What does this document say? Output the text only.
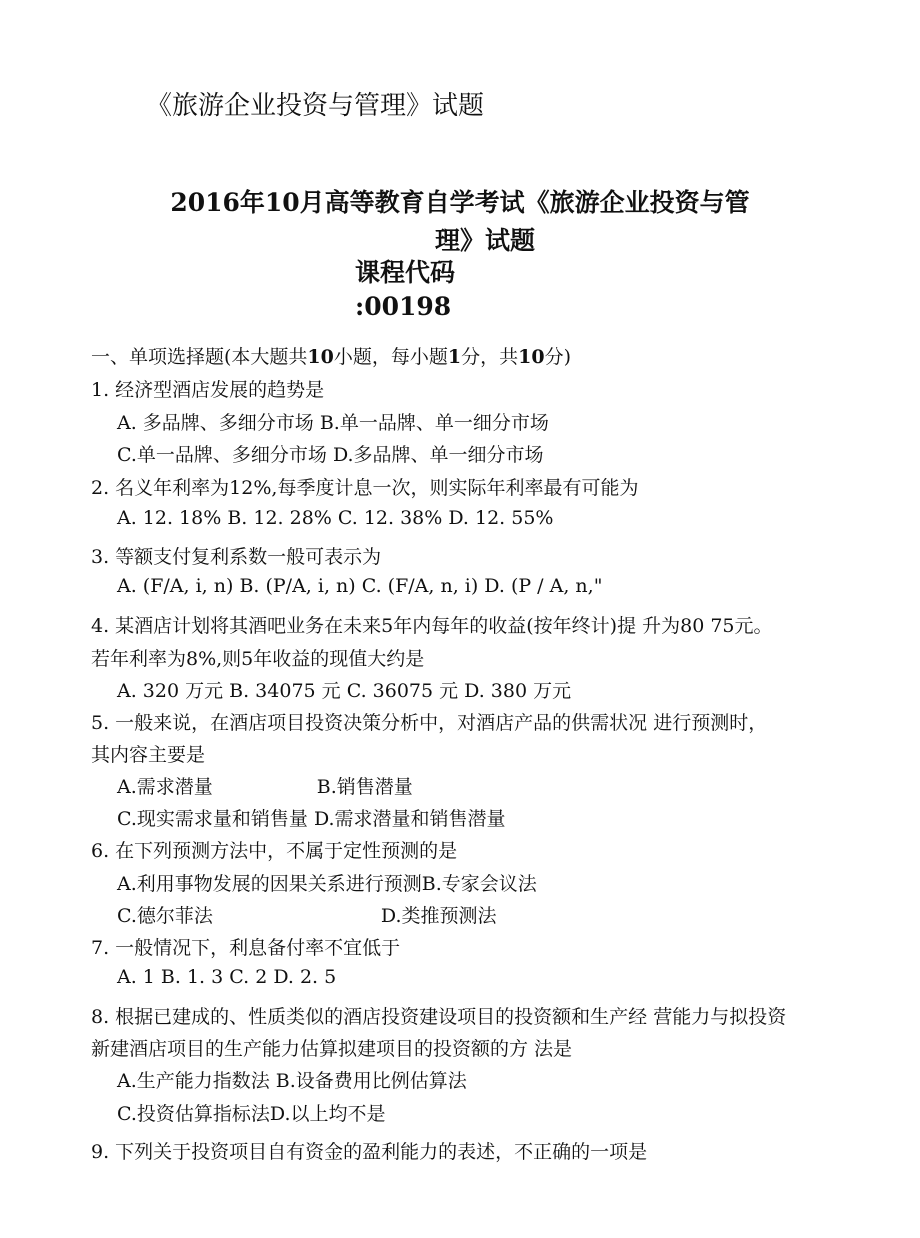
《旅游企业投资与管理》试题
2016年10月高等教育自学考试《旅游企业投资与管
理》试题
课程代码
:00198
一、单项选择题(本大题共10小题，每小题1分，共10分)
1. 经济型酒店发展的趋势是
A. 多品牌、多细分市场 B.单一品牌、单一细分市场
C.单一品牌、多细分市场 D.多品牌、单一细分市场
2. 名义年利率为12%,每季度计息一次，则实际年利率最有可能为
A. 12. 18% B. 12. 28% C. 12. 38% D. 12. 55%
3. 等额支付复利系数一般可表示为
A. (F/A, i, n) B. (P/A, i, n) C. (F/A, n, i) D. (P / A, n,"
4. 某酒店计划将其酒吧业务在未来5年内每年的收益(按年终计)提 升为80 75元。
若年利率为8%,则5年收益的现值大约是
A. 320 万元 B. 34075 元 C. 36075 元 D. 380 万元
5. 一般来说，在酒店项目投资决策分析中，对酒店产品的供需状况 进行预测时，
其内容主要是
A.需求潜量	B.销售潜量
C.现实需求量和销售量 D.需求潜量和销售潜量
6. 在下列预测方法中，不属于定性预测的是
A.利用事物发展的因果关系进行预测B.专家会议法
C.德尔菲法	D.类推预测法
7. 一般情况下，利息备付率不宜低于
A. 1 B. 1. 3 C. 2 D. 2. 5
8. 根据已建成的、性质类似的酒店投资建设项目的投资额和生产经 营能力与拟投资
新建酒店项目的生产能力估算拟建项目的投资额的方 法是
A.生产能力指数法 B.设备费用比例估算法
C.投资估算指标法D.以上均不是
9. 下列关于投资项目自有资金的盈利能力的表述，不正确的一项是
